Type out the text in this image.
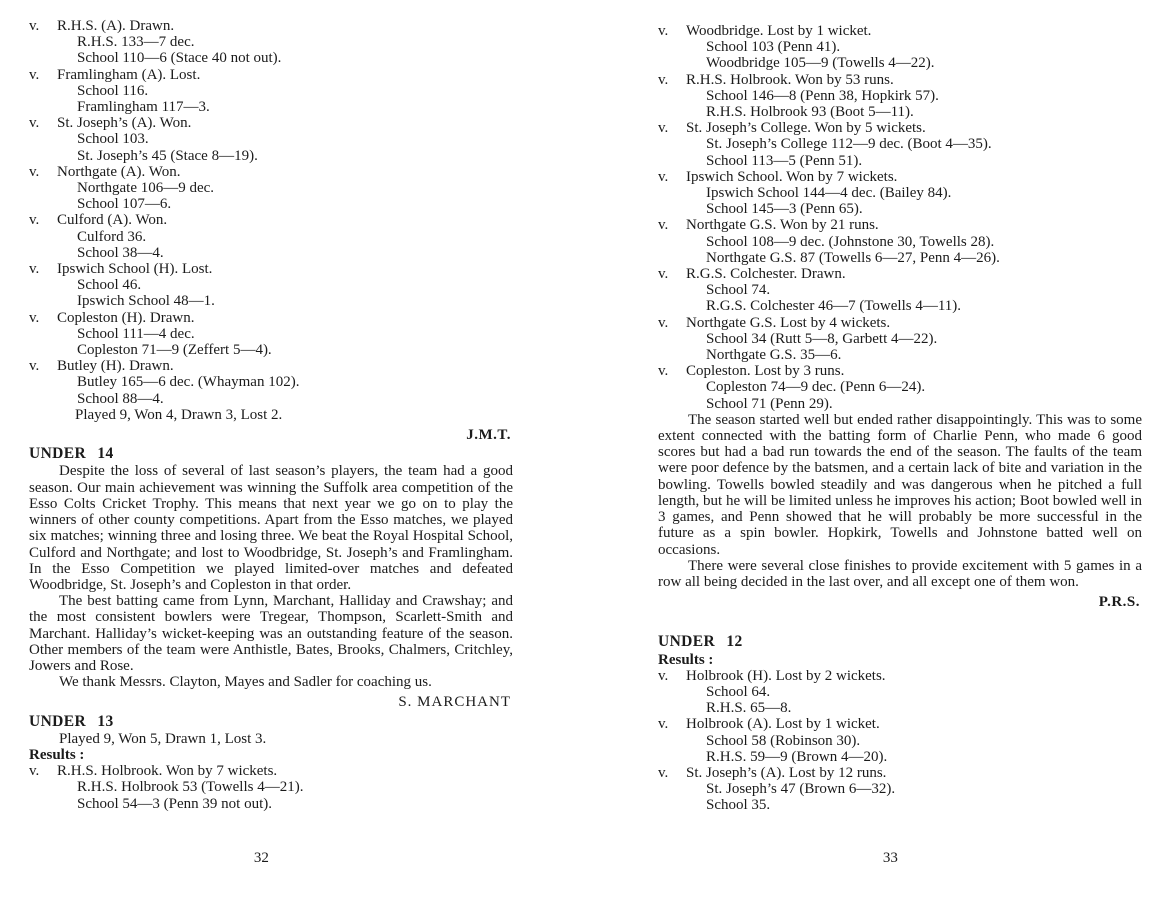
v. R.H.S. (A). Drawn.

R.H.S. 133—7 dec.
School 110—6 (Stace 40 not out).
v. Framlingham (A). Lost.

School 116.
Framlingham 117—3.
v. St. Joseph’s (A). Won.

School 103.
St. Joseph’s 45 (Stace 8—19).
v. Northgate (A). Won.

Northgate 106—9 dec.
School 107—6.
v. Culford (A). Won.

Culford 36.
School 38—4.
v. Ipswich School (H). Lost.

School 46.
Ipswich School 48—1.
v. Copleston (H). Drawn.

School 111—4 dec.
Copleston 71—9 (Zeffert 5—4).
v. Butley (H). Drawn.

Butley 165—6 dec. (Whayman 102).
School 88—4.

Played 9, Won 4, Drawn 3, Lost 2.

J.M.T.

UNDER 14

Despite the loss of several of last season’s players, the team had a good season. Our main achievement was winning the Suffolk area competition of the Esso Colts Cricket Trophy. This means that next year we go on to play the winners of other county competitions. Apart from the Esso matches, we played six matches; winning three and losing three. We beat the Royal Hospital School, Culford and Northgate; and lost to Woodbridge, St. Joseph’s and Framlingham. In the Esso Competition we played limited-over matches and defeated Woodbridge, St. Joseph’s and Copleston in that order.

The best batting came from Lynn, Marchant, Halliday and Crawshay; and the most consistent bowlers were Tregear, Thompson, Scarlett-Smith and Marchant. Halliday’s wicket-keeping was an outstanding feature of the season. Other members of the team were Anthistle, Bates, Brooks, Chalmers, Critchley, Jowers and Rose.

We thank Messrs. Clayton, Mayes and Sadler for coaching us.

S. MARCHANT

UNDER 13

Played 9, Won 5, Drawn 1, Lost 3.

Results :

v. R.H.S. Holbrook. Won by 7 wickets.

R.H.S. Holbrook 53 (Towells 4—21).
School 54—3 (Penn 39 not out).
32
v. Woodbridge. Lost by 1 wicket.

School 103 (Penn 41).
Woodbridge 105—9 (Towells 4—22).
v. R.H.S. Holbrook. Won by 53 runs.

School 146—8 (Penn 38, Hopkirk 57).
R.H.S. Holbrook 93 (Boot 5—11).
v. St. Joseph’s College. Won by 5 wickets.

St. Joseph’s College 112—9 dec. (Boot 4—35).
School 113—5 (Penn 51).
v. Ipswich School. Won by 7 wickets.

Ipswich School 144—4 dec. (Bailey 84).
School 145—3 (Penn 65).
v. Northgate G.S. Won by 21 runs.

School 108—9 dec. (Johnstone 30, Towells 28).
Northgate G.S. 87 (Towells 6—27, Penn 4—26).
v. R.G.S. Colchester. Drawn.

School 74.
R.G.S. Colchester 46—7 (Towells 4—11).
v. Northgate G.S. Lost by 4 wickets.

School 34 (Rutt 5—8, Garbett 4—22).
Northgate G.S. 35—6.
v. Copleston. Lost by 3 runs.

Copleston 74—9 dec. (Penn 6—24).
School 71 (Penn 29).

The season started well but ended rather disappointingly. This was to some extent connected with the batting form of Charlie Penn, who made 6 good scores but had a bad run towards the end of the season. The faults of the team were poor defence by the batsmen, and a certain lack of bite and variation in the bowling. Towells bowled steadily and was dangerous when he pitched a full length, but he will be limited unless he improves his action; Boot bowled well in 3 games, and Penn showed that he will probably be more successful in the future as a spin bowler. Hopkirk, Towells and Johnstone batted well on occasions.

There were several close finishes to provide excitement with 5 games in a row all being decided in the last over, and all except one of them won.

P.R.S.

UNDER 12

Results :

v. Holbrook (H). Lost by 2 wickets.

School 64.
R.H.S. 65—8.
v. Holbrook (A). Lost by 1 wicket.

School 58 (Robinson 30).
R.H.S. 59—9 (Brown 4—20).
v. St. Joseph’s (A). Lost by 12 runs.

St. Joseph’s 47 (Brown 6—32).
School 35.
33
